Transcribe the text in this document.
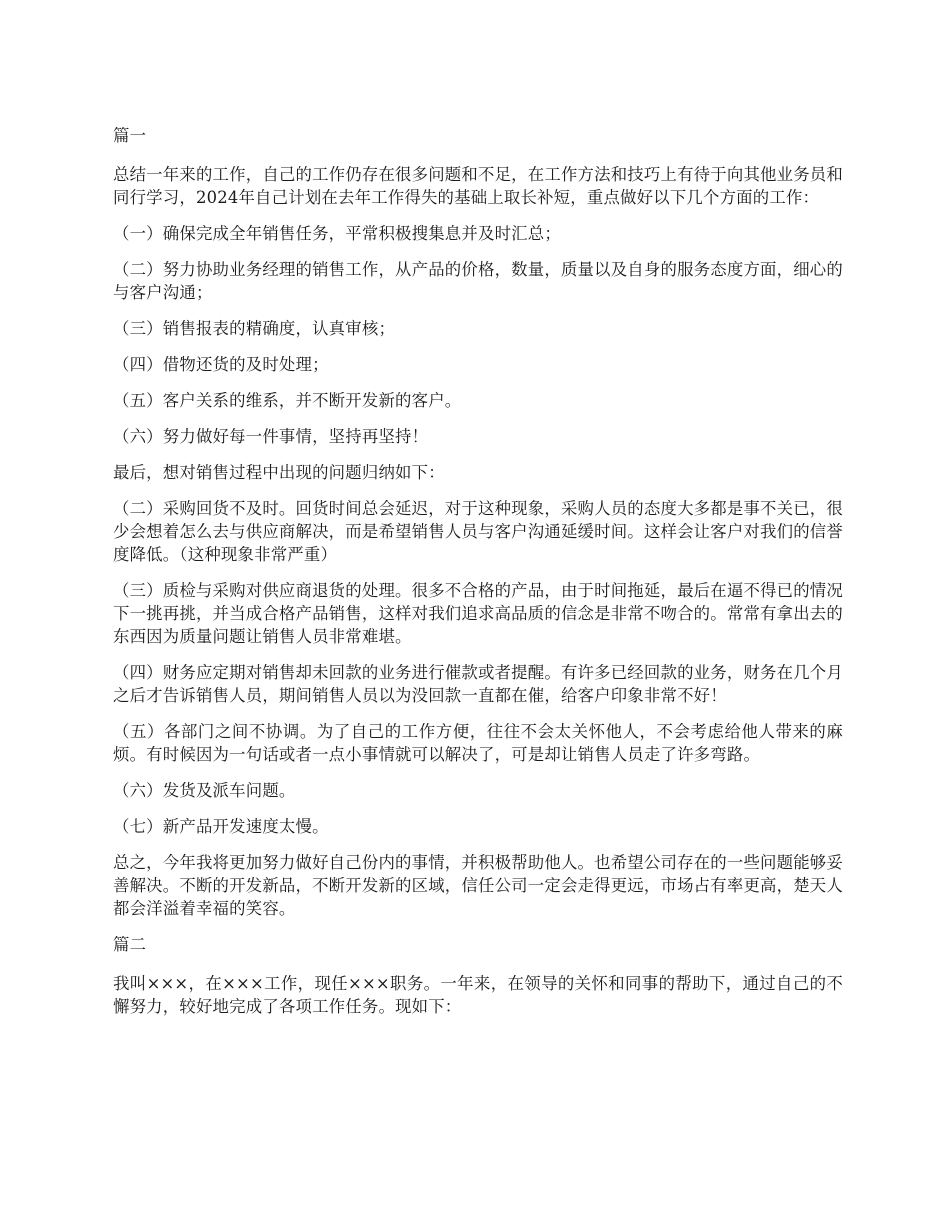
篇一

总结一年来的工作，自己的工作仍存在很多问题和不足，在工作方法和技巧上有待于向其他业务员和同行学习，2024年自己计划在去年工作得失的基础上取长补短，重点做好以下几个方面的工作：

（一）确保完成全年销售任务，平常积极搜集息并及时汇总；

（二）努力协助业务经理的销售工作，从产品的价格，数量，质量以及自身的服务态度方面，细心的与客户沟通；

（三）销售报表的精确度，认真审核；

（四）借物还货的及时处理；

（五）客户关系的维系，并不断开发新的客户。

（六）努力做好每一件事情，坚持再坚持！

最后，想对销售过程中出现的问题归纳如下：

（二）采购回货不及时。回货时间总会延迟，对于这种现象，采购人员的态度大多都是事不关已，很少会想着怎么去与供应商解决，而是希望销售人员与客户沟通延缓时间。这样会让客户对我们的信誉度降低。（这种现象非常严重）

（三）质检与采购对供应商退货的处理。很多不合格的产品，由于时间拖延，最后在逼不得已的情况下一挑再挑，并当成合格产品销售，这样对我们追求高品质的信念是非常不吻合的。常常有拿出去的东西因为质量问题让销售人员非常难堪。

（四）财务应定期对销售却未回款的业务进行催款或者提醒。有许多已经回款的业务，财务在几个月之后才告诉销售人员，期间销售人员以为没回款一直都在催，给客户印象非常不好！

（五）各部门之间不协调。为了自己的工作方便，往往不会太关怀他人，不会考虑给他人带来的麻烦。有时候因为一句话或者一点小事情就可以解决了，可是却让销售人员走了许多弯路。

（六）发货及派车问题。

（七）新产品开发速度太慢。

总之，今年我将更加努力做好自己份内的事情，并积极帮助他人。也希望公司存在的一些问题能够妥善解决。不断的开发新品，不断开发新的区域，信任公司一定会走得更远，市场占有率更高，楚天人都会洋溢着幸福的笑容。

篇二

我叫×××，在×××工作，现任×××职务。一年来，在领导的关怀和同事的帮助下，通过自己的不懈努力，较好地完成了各项工作任务。现如下：
